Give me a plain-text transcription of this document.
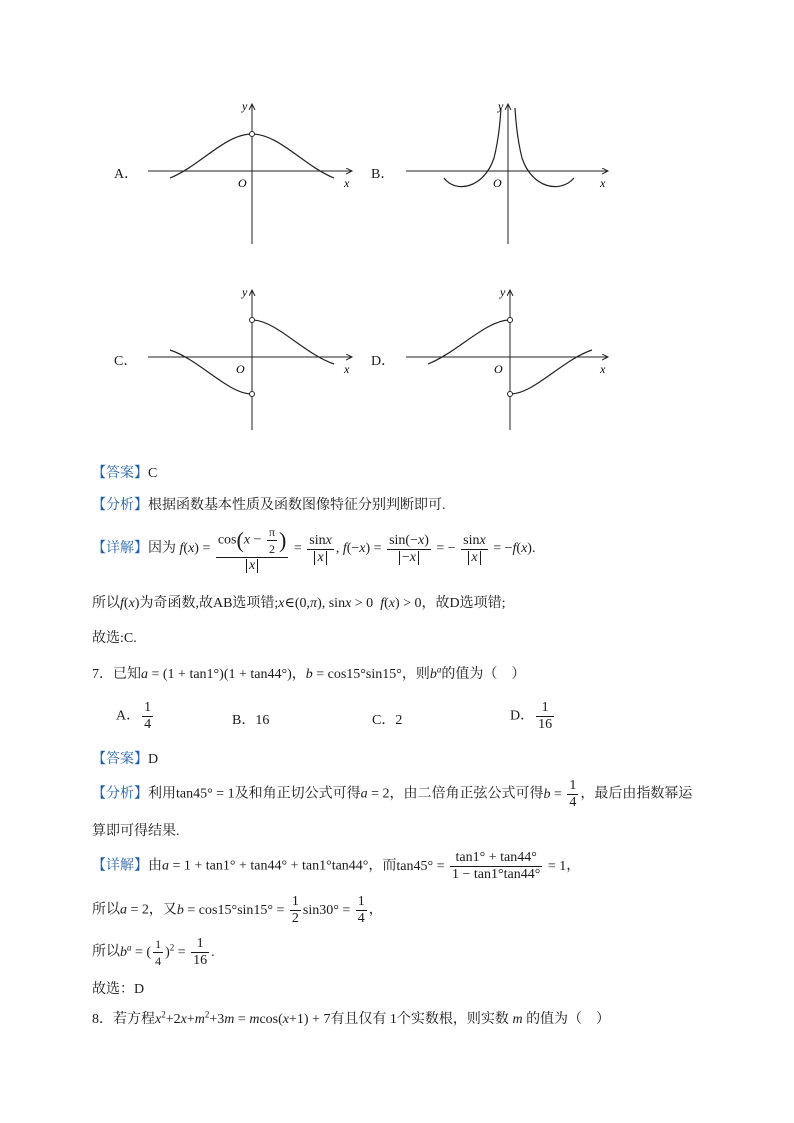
A．
y
x
O
B．
y
x
O
C．
y
x
O	D．
y
x
O
【答案】C
【分析】根据函数基本性质及函数图像特征分别判断即可.
【详解】因为 $f(x) = \frac{\cos(x - \frac{\pi}{2} )}{x} = \frac{\sin x}{x}$ , $f(-x) = \frac{\sin(-x)}{-x}$ = − $\frac{\sin x}{x} = -f(x)$.
所以f(x)为奇函数,故AB选项错;x∈(0,π), sinx > 0  f(x) > 0，故D选项错;
故选:C.
7．已知a = (1 + tan1°)(1 + tan44°)，b = cos15°sin15°，则$b^a$的值为（　）
A． $\frac{1}{4}$	B．16	C．2	D． $\frac{1}{16}$
【答案】D
【分析】利用tan45° = 1及和角正切公式可得a = 2，由二倍角正弦公式可得$b = \frac{1}{4}$ ，最后由指数幂运
算即可得结果.
【详解】由a = 1 + tan1° + tan44° + tan1°tan44°，而$\tan 45^\circ = \frac{\tan 1^\circ + \tan 44^\circ}{1 - \tan 1^\circ\tan 44^\circ} = 1$，
所以a = 2，又$b = \cos 15^\circ\sin 15^\circ = \frac{1}{2} \sin 30^\circ = \frac{1}{4}$ ，
所以$b^a$ = ( $\frac{1}{4} )^2 = \frac{1}{16}$ .
故选：D
8．若方程$x^2+2x+m^2+3m = mcos(x+1) + 7$有且仅有 1个实数根，则实数 m 的值为（　）
